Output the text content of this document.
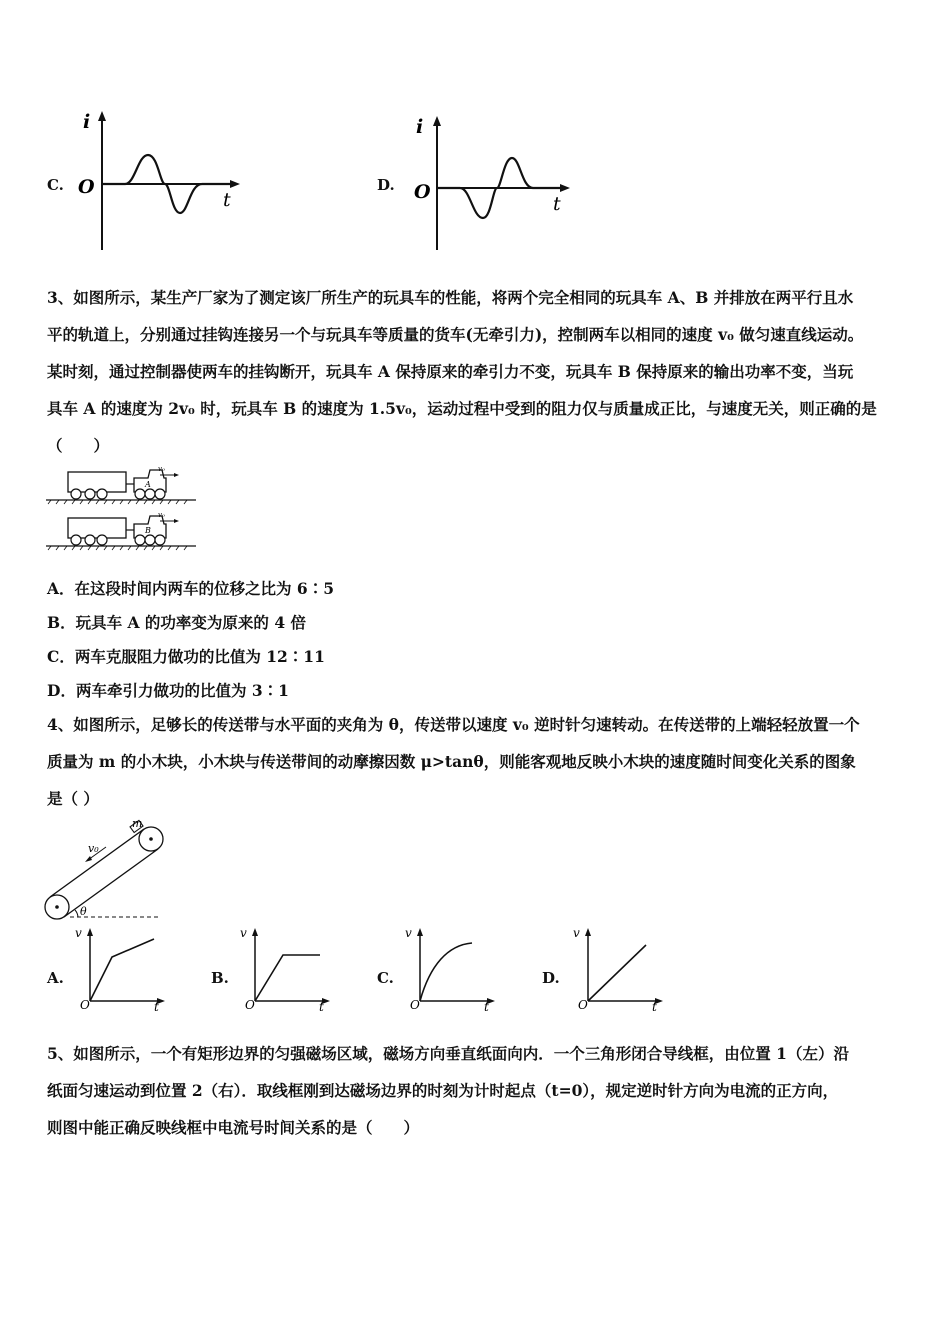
C.
i
O
t
D.
i
O
t
3、如图所示，某生产厂家为了测定该厂所生产的玩具车的性能，将两个完全相同的玩具车 A、B 并排放在两平行且水
平的轨道上，分别通过挂钩连接另一个与玩具车等质量的货车(无牵引力)，控制两车以相同的速度 v₀ 做匀速直线运动。
某时刻，通过控制器使两车的挂钩断开，玩具车 A 保持原来的牵引力不变，玩具车 B 保持原来的输出功率不变，当玩
具车 A 的速度为 2v₀ 时，玩具车 B 的速度为 1.5v₀，运动过程中受到的阻力仅与质量成正比，与速度无关，则正确的是
（　　）
A
v₀
B
v₀
A．在这段时间内两车的位移之比为 6∶5
B．玩具车 A 的功率变为原来的 4 倍
C．两车克服阻力做功的比值为 12∶11
D．两车牵引力做功的比值为 3∶1
4、如图所示，足够长的传送带与水平面的夹角为 θ，传送带以速度 v₀ 逆时针匀速转动。在传送带的上端轻轻放置一个
质量为 m 的小木块，小木块与传送带间的动摩擦因数 μ>tanθ，则能客观地反映小木块的速度随时间变化关系的图象
是（ ）
m
v₀
θ
A.
v
O	t
B.
v
O	t
C.
v
O	t
D.
v
O	t
5、如图所示，一个有矩形边界的匀强磁场区域，磁场方向垂直纸面向内．一个三角形闭合导线框，由位置 1（左）沿
纸面匀速运动到位置 2（右）．取线框刚到达磁场边界的时刻为计时起点（t=0），规定逆时针方向为电流的正方向，
则图中能正确反映线框中电流号时间关系的是（　　）
